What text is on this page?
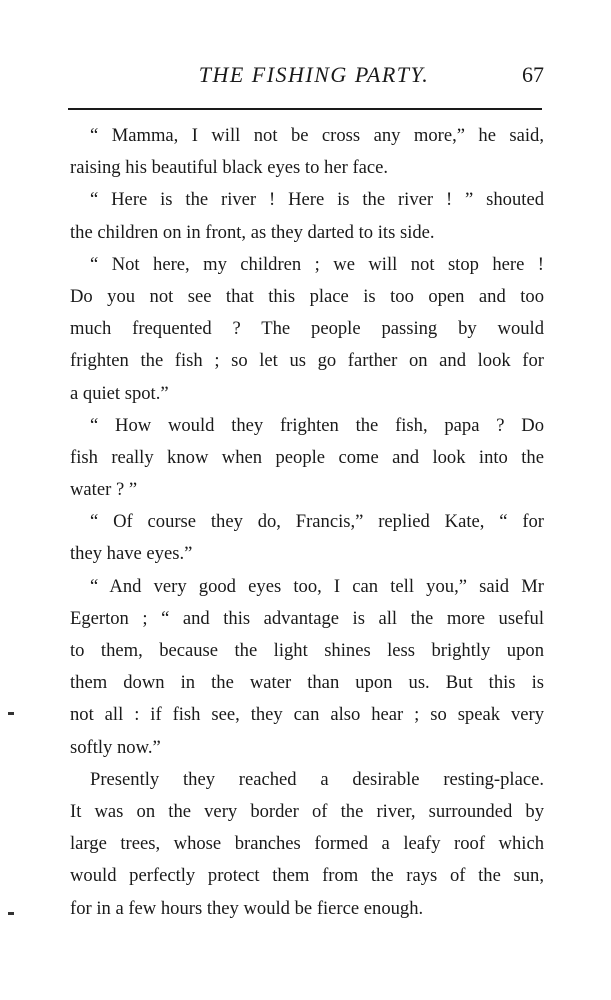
THE FISHING PARTY.	67
“ Mamma, I will not be cross any more,” he said,
raising his beautiful black eyes to her face.
“ Here is the river ! Here is the river ! ” shouted
the children on in front, as they darted to its side.
“ Not here, my children ; we will not stop here !
Do you not see that this place is too open and too
much frequented ? The people passing by would
frighten the fish ; so let us go farther on and look for
a quiet spot.”
“ How would they frighten the fish, papa ? Do
fish really know when people come and look into the
water ? ”
“ Of course they do, Francis,” replied Kate, “ for
they have eyes.”
“ And very good eyes too, I can tell you,” said Mr
Egerton ; “ and this advantage is all the more useful
to them, because the light shines less brightly upon
them down in the water than upon us. But this is
not all : if fish see, they can also hear ; so speak very
softly now.”
Presently they reached a desirable resting-place.
It was on the very border of the river, surrounded by
large trees, whose branches formed a leafy roof which
would perfectly protect them from the rays of the sun,
for in a few hours they would be fierce enough.
